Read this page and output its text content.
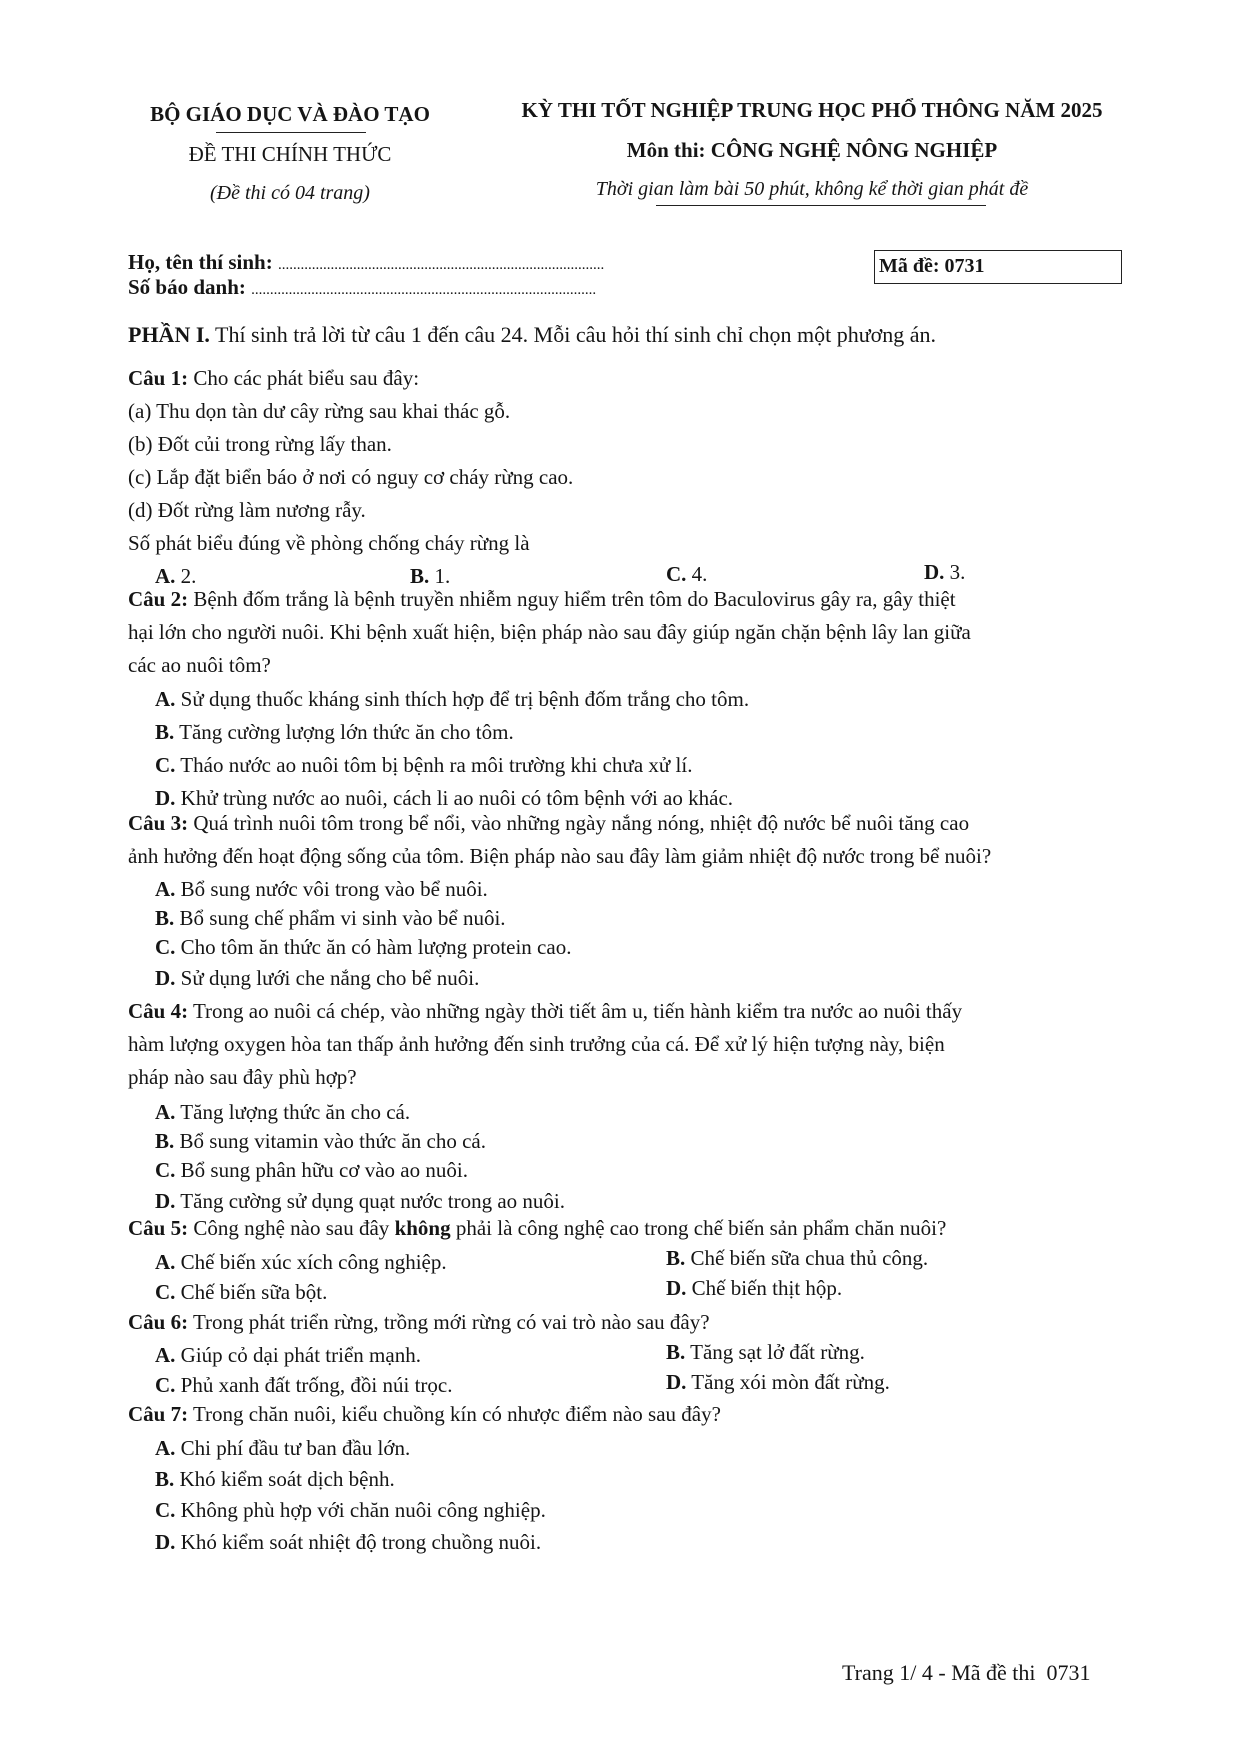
BỘ GIÁO DỤC VÀ ĐÀO TẠO
ĐỀ THI CHÍNH THỨC
(Đề thi có 04 trang)
KỲ THI TỐT NGHIỆP TRUNG HỌC PHỔ THÔNG NĂM 2025
Môn thi: CÔNG NGHỆ NÔNG NGHIỆP
Thời gian làm bài 50 phút, không kể thời gian phát đề
Họ, tên thí sinh: .......................................................................................
Số báo danh: ............................................................................................
Mã đề: 0731
PHẦN I. Thí sinh trả lời từ câu 1 đến câu 24. Mỗi câu hỏi thí sinh chỉ chọn một phương án.
Câu 1: Cho các phát biểu sau đây:
(a) Thu dọn tàn dư cây rừng sau khai thác gỗ.
(b) Đốt củi trong rừng lấy than.
(c) Lắp đặt biển báo ở nơi có nguy cơ cháy rừng cao.
(d) Đốt rừng làm nương rẫy.
Số phát biểu đúng về phòng chống cháy rừng là
A. 2.	B. 1.	C. 4.	D. 3.
Câu 2: Bệnh đốm trắng là bệnh truyền nhiễm nguy hiểm trên tôm do Baculovirus gây ra, gây thiệt
hại lớn cho người nuôi. Khi bệnh xuất hiện, biện pháp nào sau đây giúp ngăn chặn bệnh lây lan giữa
các ao nuôi tôm?
A. Sử dụng thuốc kháng sinh thích hợp để trị bệnh đốm trắng cho tôm.
B. Tăng cường lượng lớn thức ăn cho tôm.
C. Tháo nước ao nuôi tôm bị bệnh ra môi trường khi chưa xử lí.
D. Khử trùng nước ao nuôi, cách li ao nuôi có tôm bệnh với ao khác.
Câu 3: Quá trình nuôi tôm trong bể nổi, vào những ngày nắng nóng, nhiệt độ nước bể nuôi tăng cao
ảnh hưởng đến hoạt động sống của tôm. Biện pháp nào sau đây làm giảm nhiệt độ nước trong bể nuôi?
A. Bổ sung nước vôi trong vào bể nuôi.
B. Bổ sung chế phẩm vi sinh vào bể nuôi.
C. Cho tôm ăn thức ăn có hàm lượng protein cao.
D. Sử dụng lưới che nắng cho bể nuôi.
Câu 4: Trong ao nuôi cá chép, vào những ngày thời tiết âm u, tiến hành kiểm tra nước ao nuôi thấy
hàm lượng oxygen hòa tan thấp ảnh hưởng đến sinh trưởng của cá. Để xử lý hiện tượng này, biện
pháp nào sau đây phù hợp?
A. Tăng lượng thức ăn cho cá.
B. Bổ sung vitamin vào thức ăn cho cá.
C. Bổ sung phân hữu cơ vào ao nuôi.
D. Tăng cường sử dụng quạt nước trong ao nuôi.
Câu 5: Công nghệ nào sau đây không phải là công nghệ cao trong chế biến sản phẩm chăn nuôi?
A. Chế biến xúc xích công nghiệp.	B. Chế biến sữa chua thủ công.
C. Chế biến sữa bột.	D. Chế biến thịt hộp.
Câu 6: Trong phát triển rừng, trồng mới rừng có vai trò nào sau đây?
A. Giúp cỏ dại phát triển mạnh.	B. Tăng sạt lở đất rừng.
C. Phủ xanh đất trống, đồi núi trọc.	D. Tăng xói mòn đất rừng.
Câu 7: Trong chăn nuôi, kiểu chuồng kín có nhược điểm nào sau đây?
A. Chi phí đầu tư ban đầu lớn.
B. Khó kiểm soát dịch bệnh.
C. Không phù hợp với chăn nuôi công nghiệp.
D. Khó kiểm soát nhiệt độ trong chuồng nuôi.
Trang 1/ 4 - Mã đề thi  0731
